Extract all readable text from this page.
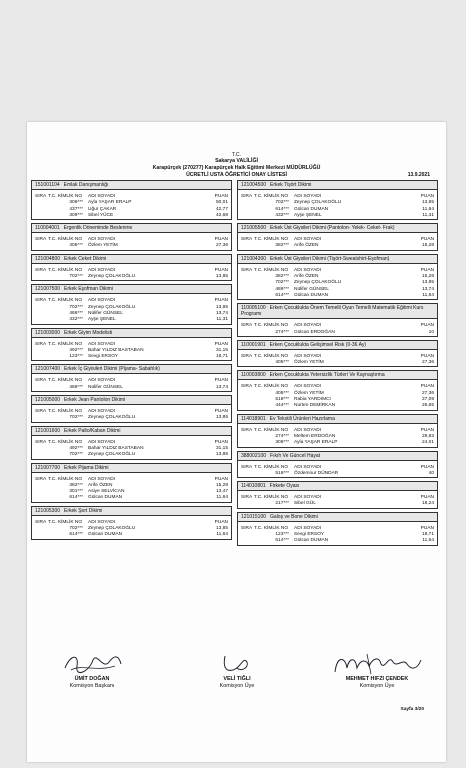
T.C.
Sakarya VALİLİĞİ
Karapürçek (270277) Karapürçek Halk Eğitimi Merkezi MÜDÜRLÜĞÜ
ÜCRETLİ USTA ÖĞRETİCİ ONAY LİSTESİ	13.9.2021
151001104 Emlak Danışmanlığı
SIRA T.C. KİMLİK NO	ADI SOYADI	PUAN
306***	Ayla YAŞAR ERALP	50,01
437***	Uğur ÇAKAR	42,77
309***	Sibel YÜCE	42,68
110004001 Ergenlik Döneminde Beslenme
SIRA T.C. KİMLİK NO	ADI SOYADI	PUAN
405***	Özlem YETİM	27,36
121004800 Erkek Ceket Dikimi
SIRA T.C. KİMLİK NO	ADI SOYADI	PUAN
702***	Zeynep ÇOLAKOĞLU	13,85
121007500 Erkek Eşofman Dikimi
SIRA T.C. KİMLİK NO	ADI SOYADI	PUAN
702***	Zeynep ÇOLAKOĞLU	13,85
486***	Nülifer GÜNSEL	13,74
432***	Ayşe ŞENEL	11,31
121003000 Erkek Giyim Modelisti
SIRA T.C. KİMLİK NO	ADI SOYADI	PUAN
492***	Bahar YILDIZ BASTABAN	31,15
123***	Sevgi ERSOY	18,71
121007400 Erkek İç Giyisileri Dikimi (Pijama- Sabahlık)
SIRA T.C. KİMLİK NO	ADI SOYADI	PUAN
486***	Nülifer GÜNSEL	13,74
121005000 Erkek Jean Pantolon Dikimi
SIRA T.C. KİMLİK NO	ADI SOYADI	PUAN
702***	Zeynep ÇOLAKOĞLU	13,85
121001600 Erkek Palto/Kaban Dikimi
SIRA T.C. KİMLİK NO	ADI SOYADI	PUAN
492***	Bahar YILDIZ BASTABAN	31,15
702***	Zeynep ÇOLAKOĞLU	13,85
121007700 Erkek Pijama Dikimi
SIRA T.C. KİMLİK NO	ADI SOYADI	PUAN
382***	Arife ÖZEN	15,28
301***	Asiye SELVİCAN	13,47
614***	Gülcan DUMAN	11,64
121005300 Erkek Şort Dikimi
SIRA T.C. KİMLİK NO	ADI SOYADI	PUAN
702***	Zeynep ÇOLAKOĞLU	13,85
614***	Gülcan DUMAN	11,64
121004500 Erkek Tişört Dikimi
SIRA T.C. KİMLİK NO	ADI SOYADI	PUAN
702***	Zeynep ÇOLAKOĞLU	13,85
614***	Gülcan DUMAN	11,64
432***	Ayşe ŞENEL	11,31
121005500 Erkek Üst Giysileri Dikimi (Pantolon- Yelek- Ceket- Frak)
SIRA T.C. KİMLİK NO	ADI SOYADI	PUAN
382***	Arife ÖZEN	15,28
121004300 Erkek Üst Giysileri Dikimi (Tişört-Sweatshirt-Eşofman)
SIRA T.C. KİMLİK NO	ADI SOYADI	PUAN
382***	Arife ÖZEN	15,28
702***	Zeynep ÇOLAKOĞLU	13,85
486***	Nülifer GÜNSEL	13,74
614***	Gülcan DUMAN	11,64
110005100 Erken Çocuklukta Önem Temelli Oyun Temelli Matematik Eğitimi Kurs Programı
SIRA T.C. KİMLİK NO	ADI SOYADI	PUAN
274***	Gülcan ERDOĞAN	10
110001901 Erken Çocuklukta Gelişimsel Risk (0-36 Ay)
SIRA T.C. KİMLİK NO	ADI SOYADI	PUAN
405***	Özlem YETİM	27,36
110003800 Erken Çocuklukta Yetersizlik Türleri Ve Kaynaştırma
SIRA T.C. KİMLİK NO	ADI SOYADI	PUAN
405***	Özlem YETİM	27,36
518***	Rabia YARDIMCI	27,09
444***	Nurten DEMİRKAN	26,65
114018901 Ev Tekstili Ürünleri Hazırlama
SIRA T.C. KİMLİK NO	ADI SOYADI	PUAN
274***	Meltem ERDOĞAN	29,83
306***	Ayla YAŞAR ERALP	24,01
388002100 Fıkıh Ve Güncel Hayat
SIRA T.C. KİMLİK NO	ADI SOYADI	PUAN
516***	Özdemnur DÜNDAR	40
114010801 Firkete Oyası
SIRA T.C. KİMLİK NO	ADI SOYADI	PUAN
217***	Sibel GÜL	18,24
121015100 Galoş ve Bone Dikimi
SIRA T.C. KİMLİK NO	ADI SOYADI	PUAN
123***	Sevgi ERSOY	18,71
614***	Gülcan DUMAN	11,64
ÜMİT DOĞAN
Komisyon Başkanı
VELİ TIĞLI
Komisyon Üye
MEHMET HIFZI ÇENDEK
Komisyon Üye
Sayfa 3/20
